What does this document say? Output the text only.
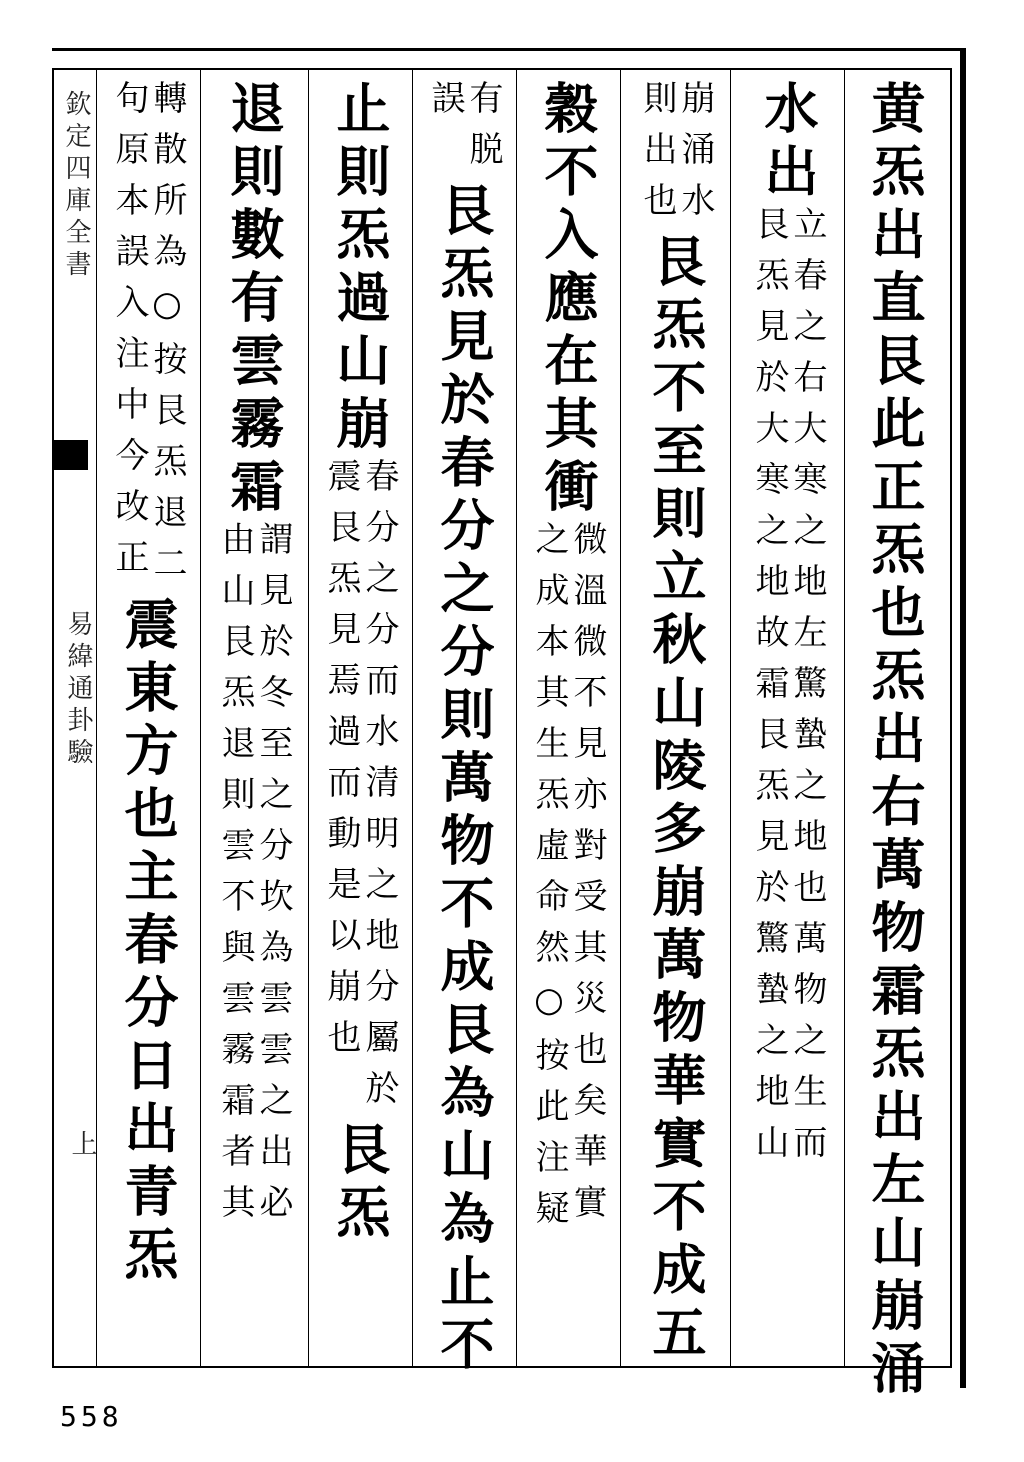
欽定四庫全書
易緯通卦驗
上
558
黄炁出直艮此正炁也炁出右萬物霜炁出左山崩涌
水出
立春之右大寒之地左驚蟄之地也萬物之生而
艮炁見於大寒之地故霜艮炁見於驚蟄之地山
崩涌水
則出也
艮炁不至則立秋山陵多崩萬物華實不成五
穀不入應在其衝
微溫微不見亦對受其災也矣華實
之成本其生炁虛命然○按此注疑
有脱
誤
艮炁見於春分之分則萬物不成艮為山為止不
止則炁過山崩
春分之分而水清明之地分屬於
震艮炁見焉過而動是以崩也
艮炁
退則數有雲霧霜
謂見於冬至之分坎為雲雲之出必
由山艮炁退則雲不與雲霧霜者其
轉散所為○按艮炁退二
句原本誤入注中今改正
震東方也主春分日出青炁
